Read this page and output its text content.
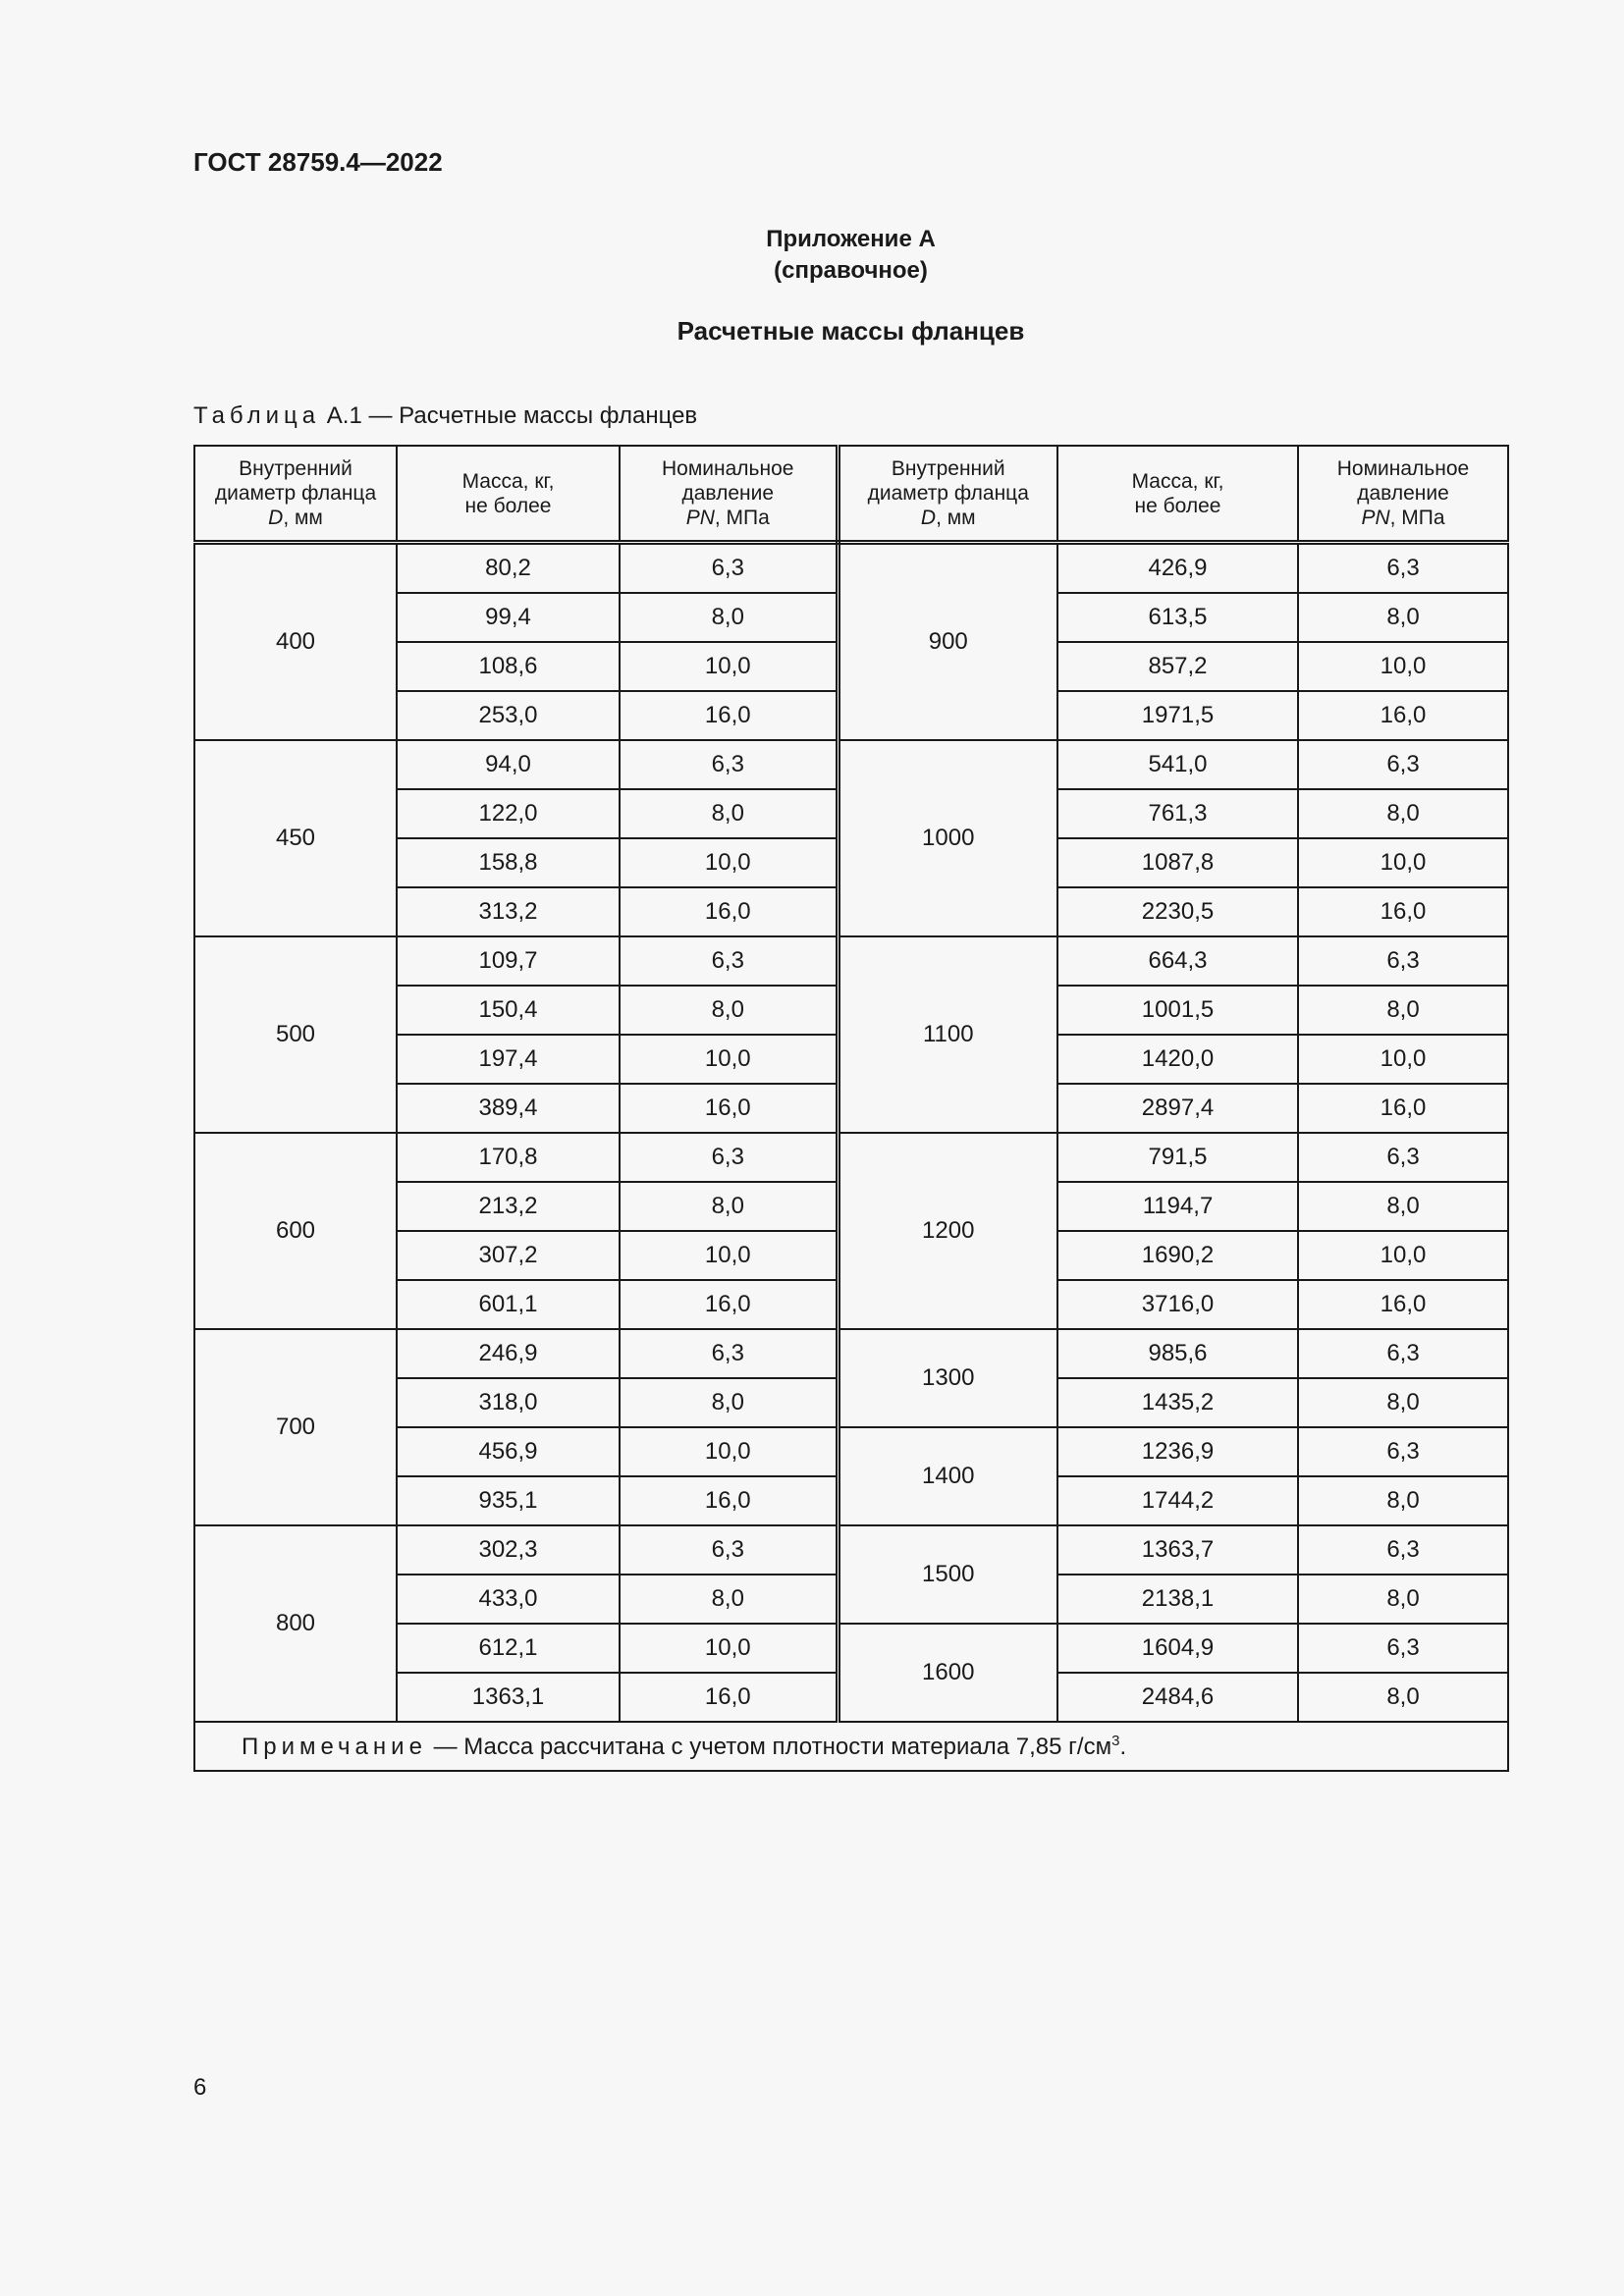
ГОСТ 28759.4—2022
Приложение А
(справочное)
Расчетные массы фланцев
Таблица А.1 — Расчетные массы фланцев
Внутренний
диаметр фланца
D, мм	Масса, кг,
не более	Номинальное
давление
PN, МПа	Внутренний
диаметр фланца
D, мм	Масса, кг,
не более	Номинальное
давление
PN, МПа
400	80,2	6,3	900	426,9	6,3
	99,4	8,0		613,5	8,0
	108,6	10,0		857,2	10,0
	253,0	16,0		1971,5	16,0
450	94,0	6,3	1000	541,0	6,3
	122,0	8,0		761,3	8,0
	158,8	10,0		1087,8	10,0
	313,2	16,0		2230,5	16,0
500	109,7	6,3	1100	664,3	6,3
	150,4	8,0		1001,5	8,0
	197,4	10,0		1420,0	10,0
	389,4	16,0		2897,4	16,0
600	170,8	6,3	1200	791,5	6,3
	213,2	8,0		1194,7	8,0
	307,2	10,0		1690,2	10,0
	601,1	16,0		3716,0	16,0
700	246,9	6,3	1300	985,6	6,3
	318,0	8,0		1435,2	8,0
	456,9	10,0	1400	1236,9	6,3
	935,1	16,0		1744,2	8,0
800	302,3	6,3	1500	1363,7	6,3
	433,0	8,0		2138,1	8,0
	612,1	10,0	1600	1604,9	6,3
	1363,1	16,0		2484,6	8,0
Примечание — Масса рассчитана с учетом плотности материала 7,85 $г/см^3$.					
6
